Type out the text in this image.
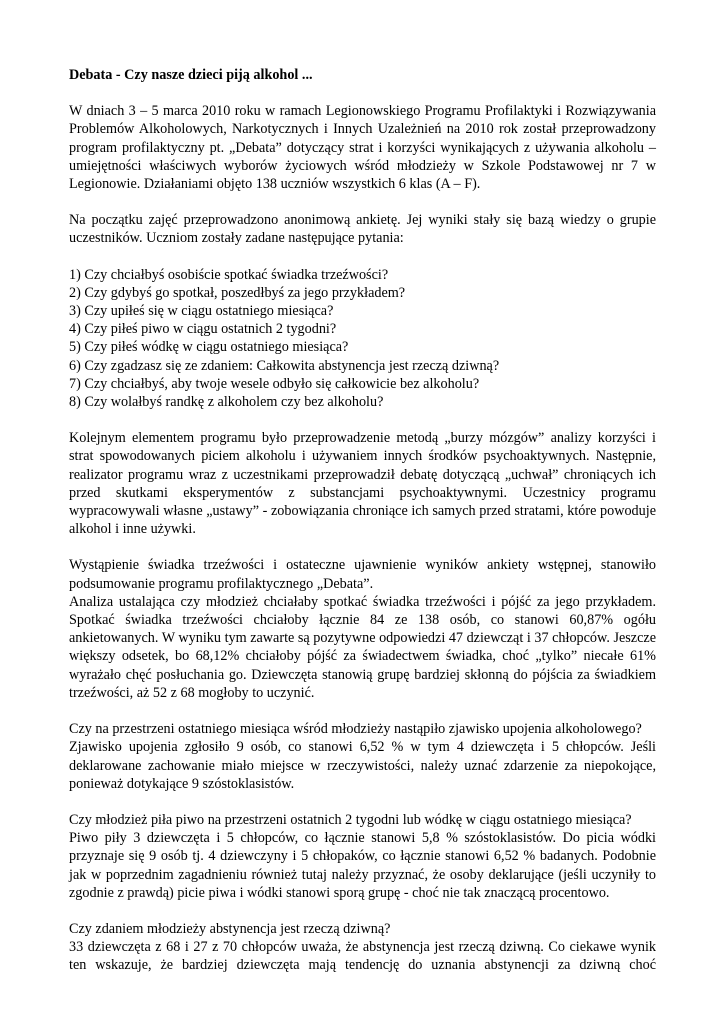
Debata - Czy nasze dzieci piją alkohol ...

W dniach 3 – 5 marca 2010 roku w ramach Legionowskiego Programu Profilaktyki i Rozwiązywania Problemów Alkoholowych, Narkotycznych i Innych Uzależnień na 2010 rok został przeprowadzony program profilaktyczny pt. „Debata” dotyczący strat i korzyści wynikających z używania alkoholu – umiejętności właściwych wyborów życiowych wśród młodzieży w Szkole Podstawowej nr 7 w Legionowie. Działaniami objęto 138 uczniów wszystkich 6 klas (A – F).

Na początku zajęć przeprowadzono anonimową ankietę. Jej wyniki stały się bazą wiedzy o grupie uczestników. Uczniom zostały zadane następujące pytania:

1) Czy chciałbyś osobiście spotkać świadka trzeźwości?
2) Czy gdybyś go spotkał, poszedłbyś za jego przykładem?
3) Czy upiłeś się w ciągu ostatniego miesiąca?
4) Czy piłeś piwo w ciągu ostatnich 2 tygodni?
5) Czy piłeś wódkę w ciągu ostatniego miesiąca?
6) Czy zgadzasz się ze zdaniem: Całkowita abstynencja jest rzeczą dziwną?
7) Czy chciałbyś, aby twoje wesele odbyło się całkowicie bez alkoholu?
8) Czy wolałbyś randkę z alkoholem czy bez alkoholu?

Kolejnym elementem programu było przeprowadzenie metodą „burzy mózgów” analizy korzyści i strat spowodowanych piciem alkoholu i używaniem innych środków psychoaktywnych. Następnie, realizator programu wraz z uczestnikami przeprowadził debatę dotyczącą „uchwał” chroniących ich przed skutkami eksperymentów z substancjami psychoaktywnymi. Uczestnicy programu wypracowywali własne „ustawy” - zobowiązania chroniące ich samych przed stratami, które powoduje alkohol i inne używki.

Wystąpienie świadka trzeźwości i ostateczne ujawnienie wyników ankiety wstępnej, stanowiło podsumowanie programu profilaktycznego „Debata”.

Analiza ustalająca czy młodzież chciałaby spotkać świadka trzeźwości i pójść za jego przykładem. Spotkać świadka trzeźwości chciałoby łącznie 84 ze 138 osób, co stanowi 60,87% ogółu ankietowanych. W wyniku tym zawarte są pozytywne odpowiedzi 47 dziewcząt i 37 chłopców. Jeszcze większy odsetek, bo 68,12% chciałoby pójść za świadectwem świadka, choć „tylko” niecałe 61% wyrażało chęć posłuchania go. Dziewczęta stanowią grupę bardziej skłonną do pójścia za świadkiem trzeźwości, aż 52 z 68 mogłoby to uczynić.

Czy na przestrzeni ostatniego miesiąca wśród młodzieży nastąpiło zjawisko upojenia alkoholowego?

Zjawisko upojenia zgłosiło 9 osób, co stanowi 6,52 % w tym 4 dziewczęta i 5 chłopców. Jeśli deklarowane zachowanie miało miejsce w rzeczywistości, należy uznać zdarzenie za niepokojące, ponieważ dotykające 9 szóstoklasistów.

Czy młodzież piła piwo na przestrzeni ostatnich 2 tygodni lub wódkę w ciągu ostatniego miesiąca?

Piwo piły 3 dziewczęta i 5 chłopców, co łącznie stanowi 5,8 % szóstoklasistów. Do picia wódki przyznaje się 9 osób tj. 4 dziewczyny i 5 chłopaków, co łącznie stanowi 6,52 % badanych. Podobnie jak w poprzednim zagadnieniu również tutaj należy przyznać, że osoby deklarujące (jeśli uczyniły to zgodnie z prawdą) picie piwa i wódki stanowi sporą grupę - choć nie tak znaczącą procentowo.

Czy zdaniem młodzieży abstynencja jest rzeczą dziwną?

33 dziewczęta z 68 i 27 z 70 chłopców uważa, że abstynencja jest rzeczą dziwną. Co ciekawe wynik ten wskazuje, że bardziej dziewczęta mają tendencję do uznania abstynencji za dziwną choć
